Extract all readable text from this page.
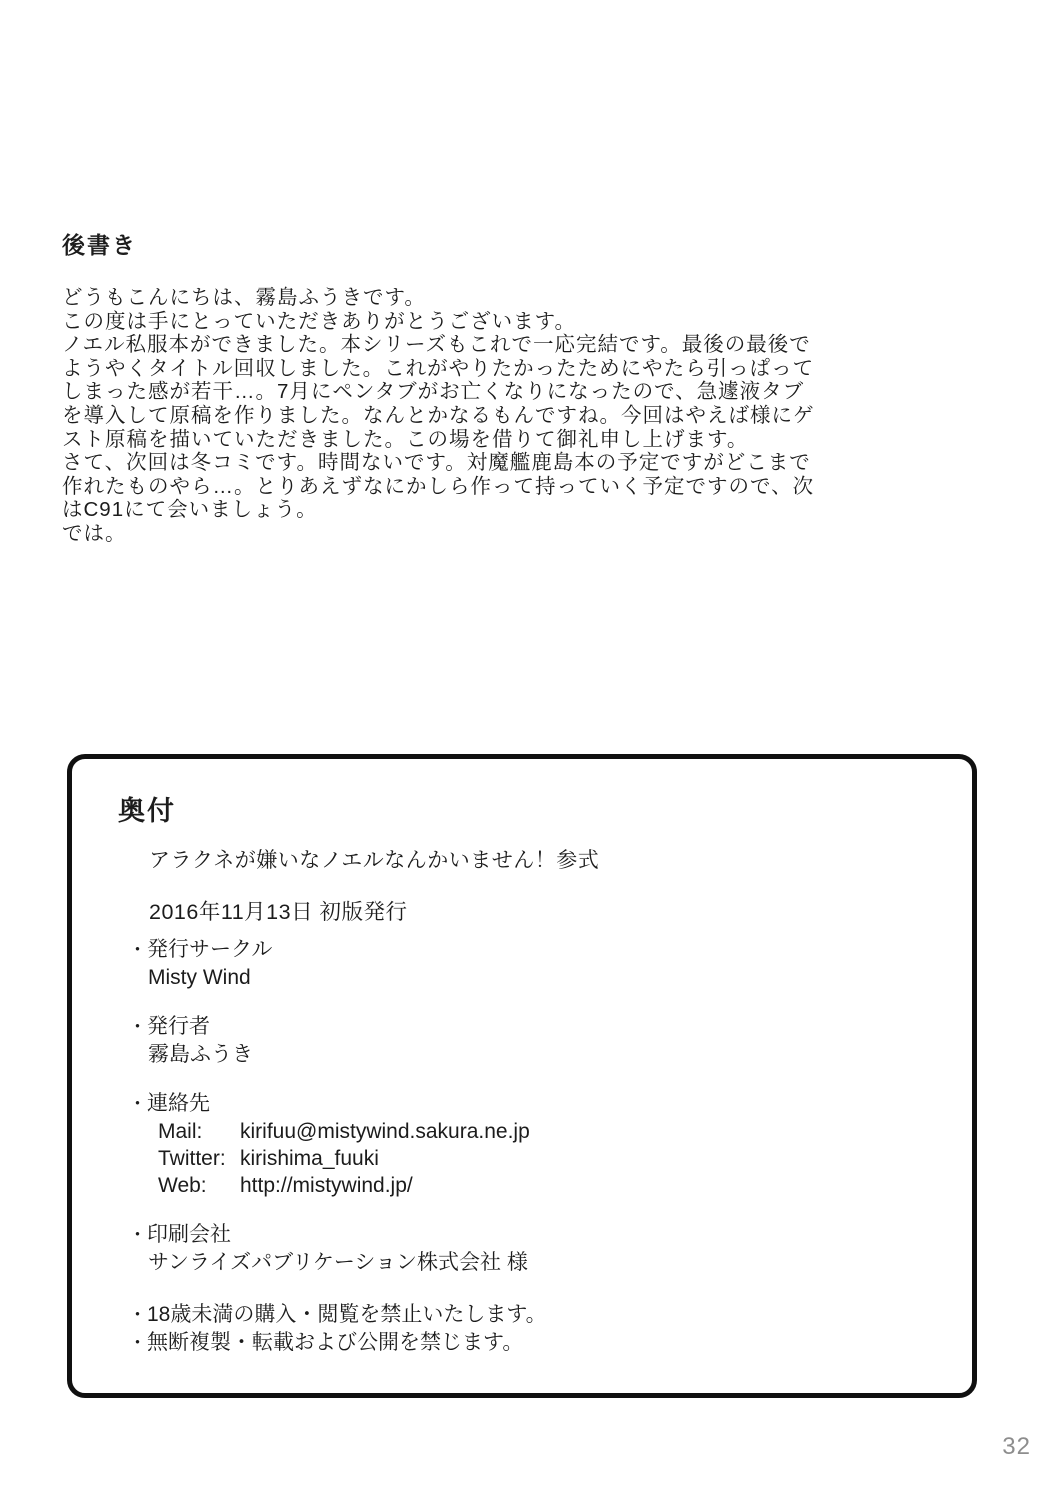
後書き
どうもこんにちは、霧島ふうきです。
この度は手にとっていただきありがとうございます。
ノエル私服本ができました。本シリーズもこれで一応完結です。最後の最後で
ようやくタイトル回収しました。これがやりたかったためにやたら引っぱって
しまった感が若干…。7月にペンタブがお亡くなりになったので、急遽液タブ
を導入して原稿を作りました。なんとかなるもんですね。今回はやえば様にゲ
スト原稿を描いていただきました。この場を借りて御礼申し上げます。
さて、次回は冬コミです。時間ないです。対魔艦鹿島本の予定ですがどこまで
作れたものやら…。とりあえずなにかしら作って持っていく予定ですので、次
はC91にて会いましょう。
では。
奥付
アラクネが嫌いなノエルなんかいません！参式
2016年11月13日 初版発行
・ 発行サークル
Misty Wind
・ 発行者
霧島ふうき
・ 連絡先
Mail:	kirifuu@mistywind.sakura.ne.jp
Twitter: kirishima_fuuki
Web:	http://mistywind.jp/
・ 印刷会社
サンライズパブリケーション株式会社 様
・ 18歳未満の購入・閲覧を禁止いたします。
・ 無断複製・転載および公開を禁じます。
32
